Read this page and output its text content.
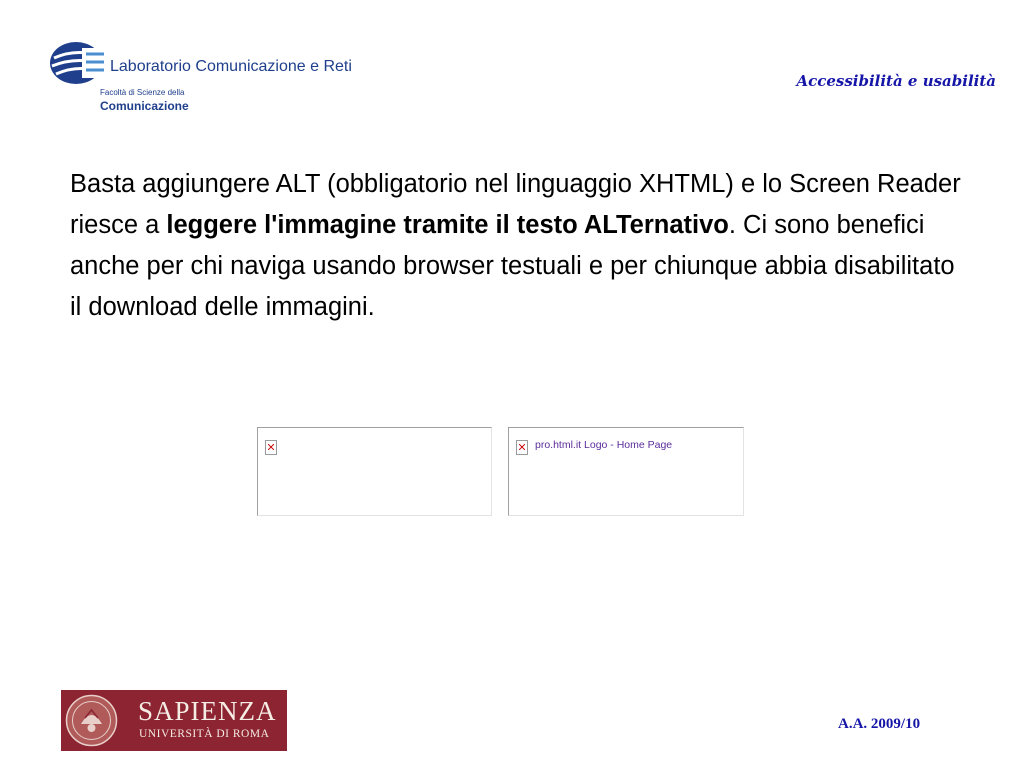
Laboratorio Comunicazione e Reti
Facoltà di Scienze della
Comunicazione
Accessibilità e usabilità
Basta aggiungere ALT (obbligatorio nel linguaggio XHTML) e lo Screen Reader riesce a leggere l'immagine tramite il testo ALTernativo. Ci sono benefici anche per chi naviga usando browser testuali e per chiunque abbia disabilitato il download delle immagini.
pro.html.it Logo - Home Page
SAPIENZA
UNIVERSITÀ DI ROMA
A.A. 2009/10
